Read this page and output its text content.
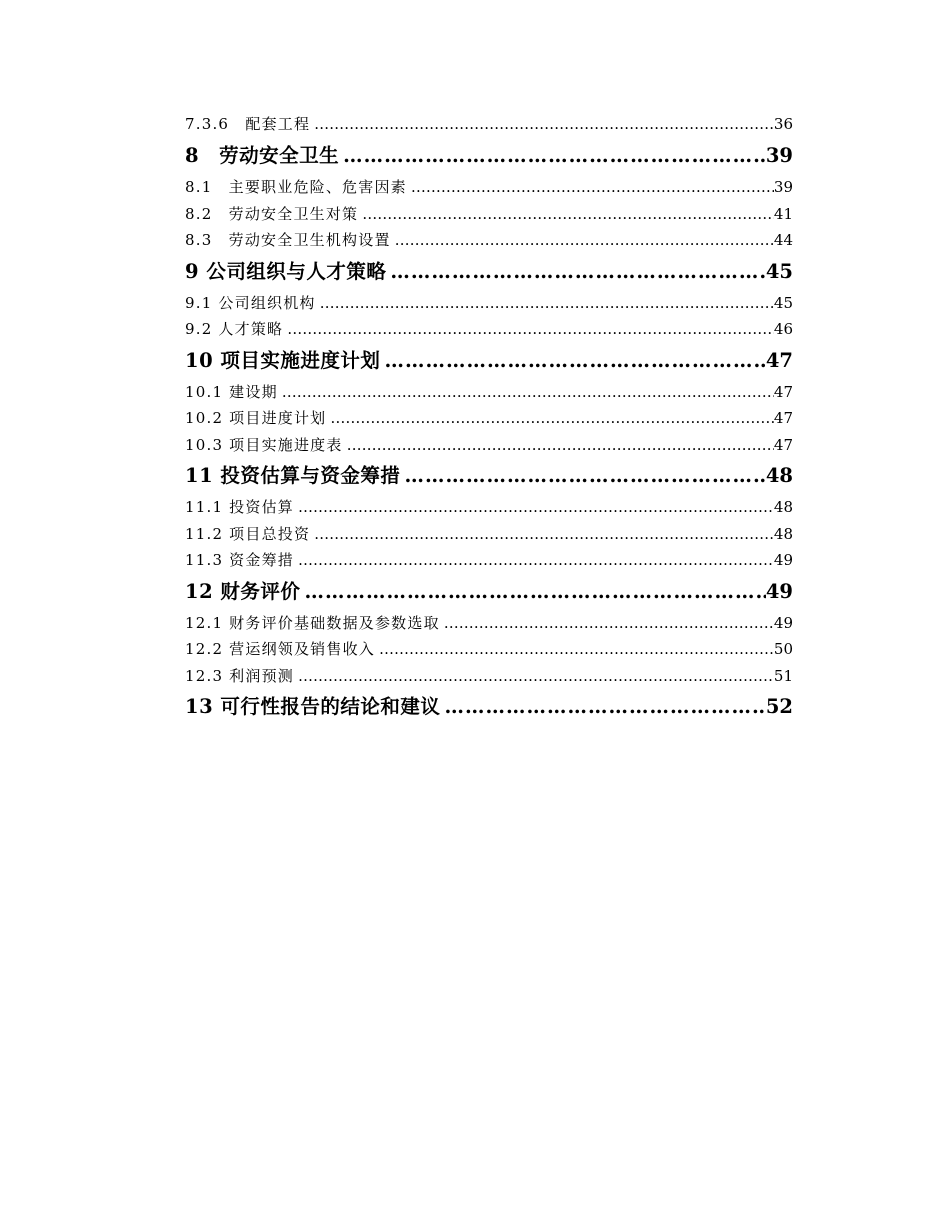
7.3.6　配套工程 ……………………………………………………………………………………………………………………………………………………	36
8　劳动安全卫生 ……………………………………………………………………………………………………………………………………………………	39
8.1　主要职业危险、危害因素 ……………………………………………………………………………………………………………………………………………………	39
8.2　劳动安全卫生对策 ……………………………………………………………………………………………………………………………………………………	41
8.3　劳动安全卫生机构设置 ……………………………………………………………………………………………………………………………………………………	44
9 公司组织与人才策略 ……………………………………………………………………………………………………………………………………………………	45
9.1 公司组织机构 ……………………………………………………………………………………………………………………………………………………	45
9.2 人才策略 ……………………………………………………………………………………………………………………………………………………	46
10 项目实施进度计划 ……………………………………………………………………………………………………………………………………………………	47
10.1 建设期 ……………………………………………………………………………………………………………………………………………………	47
10.2 项目进度计划 ……………………………………………………………………………………………………………………………………………………	47
10.3 项目实施进度表 ……………………………………………………………………………………………………………………………………………………	47
11 投资估算与资金筹措 ……………………………………………………………………………………………………………………………………………………	48
11.1 投资估算 ……………………………………………………………………………………………………………………………………………………	48
11.2 项目总投资 ……………………………………………………………………………………………………………………………………………………	48
11.3 资金筹措 ……………………………………………………………………………………………………………………………………………………	49
12 财务评价 ……………………………………………………………………………………………………………………………………………………	49
12.1 财务评价基础数据及参数选取 ……………………………………………………………………………………………………………………………………………………	49
12.2 营运纲领及销售收入 ……………………………………………………………………………………………………………………………………………………	50
12.3 利润预测 ……………………………………………………………………………………………………………………………………………………	51
13 可行性报告的结论和建议 ……………………………………………………………………………………………………………………………………………………	52
